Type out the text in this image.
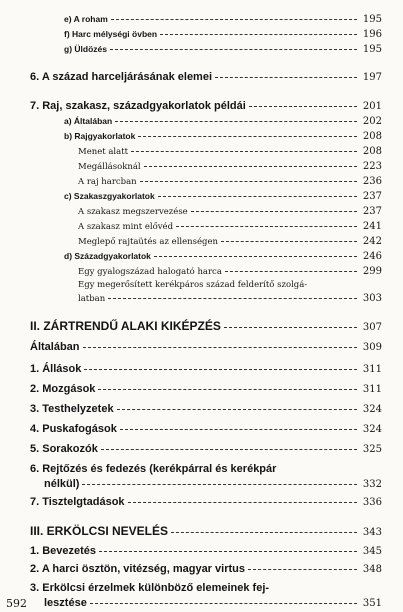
e) A roham	195
f) Harc mélységi övben	196
g) Üldözés	195
6. A század harceljárásának elemei	197
7. Raj, szakasz, századgyakorlatok példái	201
a) Általában	202
b) Rajgyakorlatok	208
Menet alatt	208
Megállásoknál	223
A raj harcban	236
c) Szakaszgyakorlatok	237
A szakasz megszervezése	237
A szakasz mint elővéd	241
Meglepő rajtaütés az ellenségen	242
d) Századgyakorlatok	246
Egy gyalogszázad halogató harca	299
Egy megerősített kerékpáros század felderítő szolgá-
latban	303
II. ZÁRTRENDŰ ALAKI KIKÉPZÉS	307
Általában	309
1. Állások	311
2. Mozgások	311
3. Testhelyzetek	324
4. Puskafogások	324
5. Sorakozók	325
6. Rejtőzés és fedezés (kerékpárral és kerékpár
nélkül)	332
7. Tisztelgtadások	336
III. ERKÖLCSI NEVELÉS	343
1. Bevezetés	345
2. A harci ösztön, vitézség, magyar virtus	348
3. Erkölcsi érzelmek különböző elemeinek fej-
lesztése	351
592
